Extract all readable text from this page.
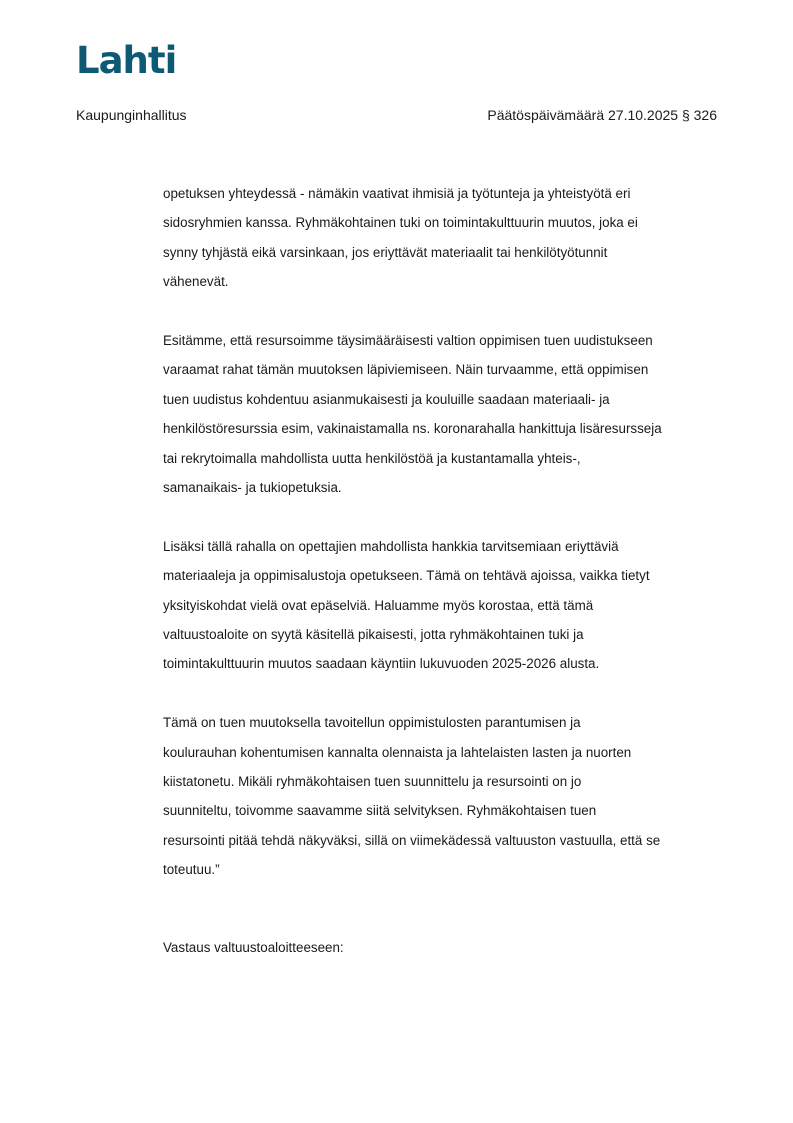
Lahti
Kaupunginhallitus	Päätöspäivämäärä 27.10.2025 § 326
opetuksen yhteydessä - nämäkin vaativat ihmisiä ja työtunteja ja yhteistyötä eri
sidosryhmien kanssa. Ryhmäkohtainen tuki on toimintakulttuurin muutos, joka ei
synny tyhjästä eikä varsinkaan, jos eriyttävät materiaalit tai henkilötyötunnit
vähenevät.
Esitämme, että resursoimme täysimääräisesti valtion oppimisen tuen uudistukseen
varaamat rahat tämän muutoksen läpiviemiseen. Näin turvaamme, että oppimisen
tuen uudistus kohdentuu asianmukaisesti ja kouluille saadaan materiaali- ja
henkilöstöresurssia esim, vakinaistamalla ns. koronarahalla hankittuja lisäresursseja
tai rekrytoimalla mahdollista uutta henkilöstöä ja kustantamalla yhteis-,
samanaikais- ja tukiopetuksia.
Lisäksi tällä rahalla on opettajien mahdollista hankkia tarvitsemiaan eriyttäviä
materiaaleja ja oppimisalustoja opetukseen. Tämä on tehtävä ajoissa, vaikka tietyt
yksityiskohdat vielä ovat epäselviä. Haluamme myös korostaa, että tämä
valtuustoaloite on syytä käsitellä pikaisesti, jotta ryhmäkohtainen tuki ja
toimintakulttuurin muutos saadaan käyntiin lukuvuoden 2025-2026 alusta.
Tämä on tuen muutoksella tavoitellun oppimistulosten parantumisen ja
koulurauhan kohentumisen kannalta olennaista ja lahtelaisten lasten ja nuorten
kiistatonetu. Mikäli ryhmäkohtaisen tuen suunnittelu ja resursointi on jo
suunniteltu, toivomme saavamme siitä selvityksen. Ryhmäkohtaisen tuen
resursointi pitää tehdä näkyväksi, sillä on viimekädessä valtuuston vastuulla, että se
toteutuu.”
Vastaus valtuustoaloitteeseen:
